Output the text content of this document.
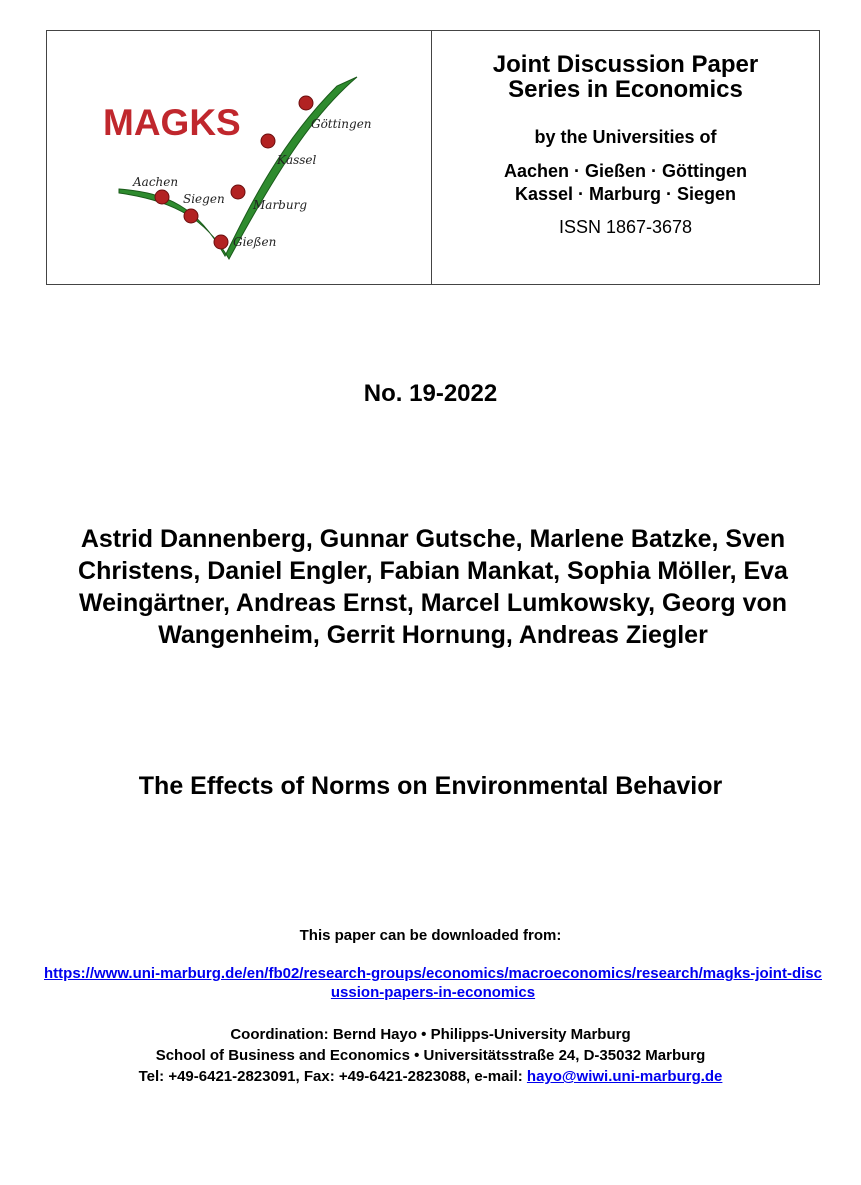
MAGKS
Aachen
Siegen
Gießen
Marburg
Kassel
Göttingen
Joint Discussion Paper
Series in Economics
by the Universities of
Aachen · Gießen · Göttingen
Kassel · Marburg · Siegen
ISSN 1867-3678
No. 19-2022
Astrid Dannenberg, Gunnar Gutsche, Marlene Batzke, Sven Christens, Daniel Engler, Fabian Mankat, Sophia Möller, Eva Weingärtner, Andreas Ernst, Marcel Lumkowsky, Georg von Wangenheim, Gerrit Hornung, Andreas Ziegler
The Effects of Norms on Environmental Behavior
This paper can be downloaded from:
https://www.uni-marburg.de/en/fb02/research-groups/economics/macroeconomics/research/magks-joint-discussion-papers-in-economics
Coordination: Bernd Hayo • Philipps-University Marburg
School of Business and Economics • Universitätsstraße 24, D-35032 Marburg
Tel: +49-6421-2823091, Fax: +49-6421-2823088, e-mail: hayo@wiwi.uni-marburg.de
